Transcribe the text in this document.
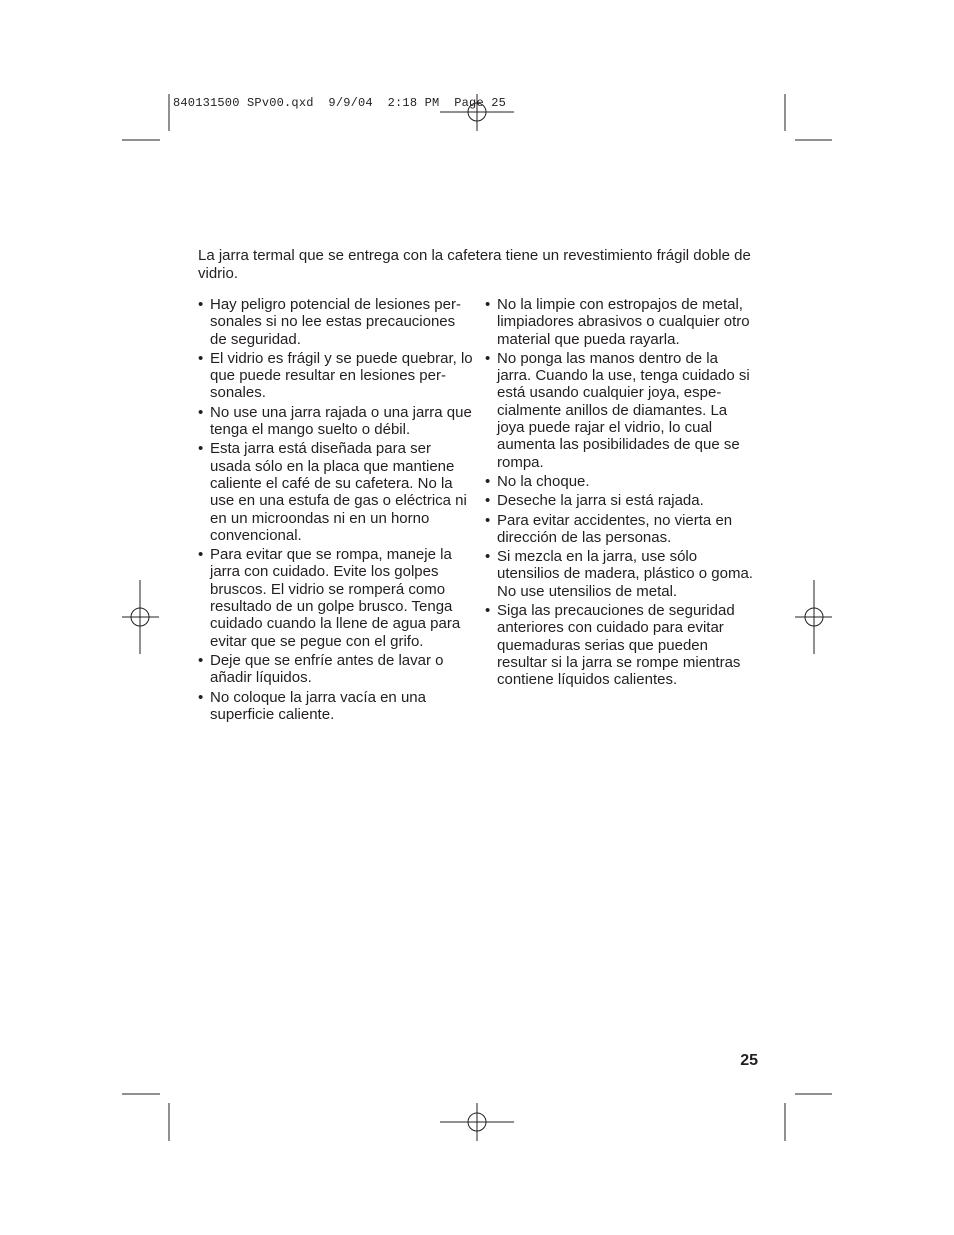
840131500 SPv00.qxd  9/9/04  2:18 PM  Page 25

La jarra termal que se entrega con la cafetera tiene un revestimiento frágil doble de vidrio.

• Hay peligro potencial de lesiones personales si no lee estas precauciones de seguridad.
• El vidrio es frágil y se puede quebrar, lo que puede resultar en lesiones personales.
• No use una jarra rajada o una jarra que tenga el mango suelto o débil.
• Esta jarra está diseñada para ser usada sólo en la placa que mantiene caliente el café de su cafetera. No la use en una estufa de gas o eléctrica ni en un microondas ni en un horno convencional.
• Para evitar que se rompa, maneje la jarra con cuidado. Evite los golpes bruscos. El vidrio se romperá como resultado de un golpe brusco. Tenga cuidado cuando la llene de agua para evitar que se pegue con el grifo.
• Deje que se enfríe antes de lavar o añadir líquidos.
• No coloque la jarra vacía en una superficie caliente.
• No la limpie con estropajos de metal, limpiadores abrasivos o cualquier otro material que pueda rayarla.
• No ponga las manos dentro de la jarra. Cuando la use, tenga cuidado si está usando cualquier joya, especialmente anillos de diamantes. La joya puede rajar el vidrio, lo cual aumenta las posibilidades de que se rompa.
• No la choque.
• Deseche la jarra si está rajada.
• Para evitar accidentes, no vierta en dirección de las personas.
• Si mezcla en la jarra, use sólo utensilios de madera, plástico o goma. No use utensilios de metal.
• Siga las precauciones de seguridad anteriores con cuidado para evitar quemaduras serias que pueden resultar si la jarra se rompe mientras contiene líquidos calientes.
25
